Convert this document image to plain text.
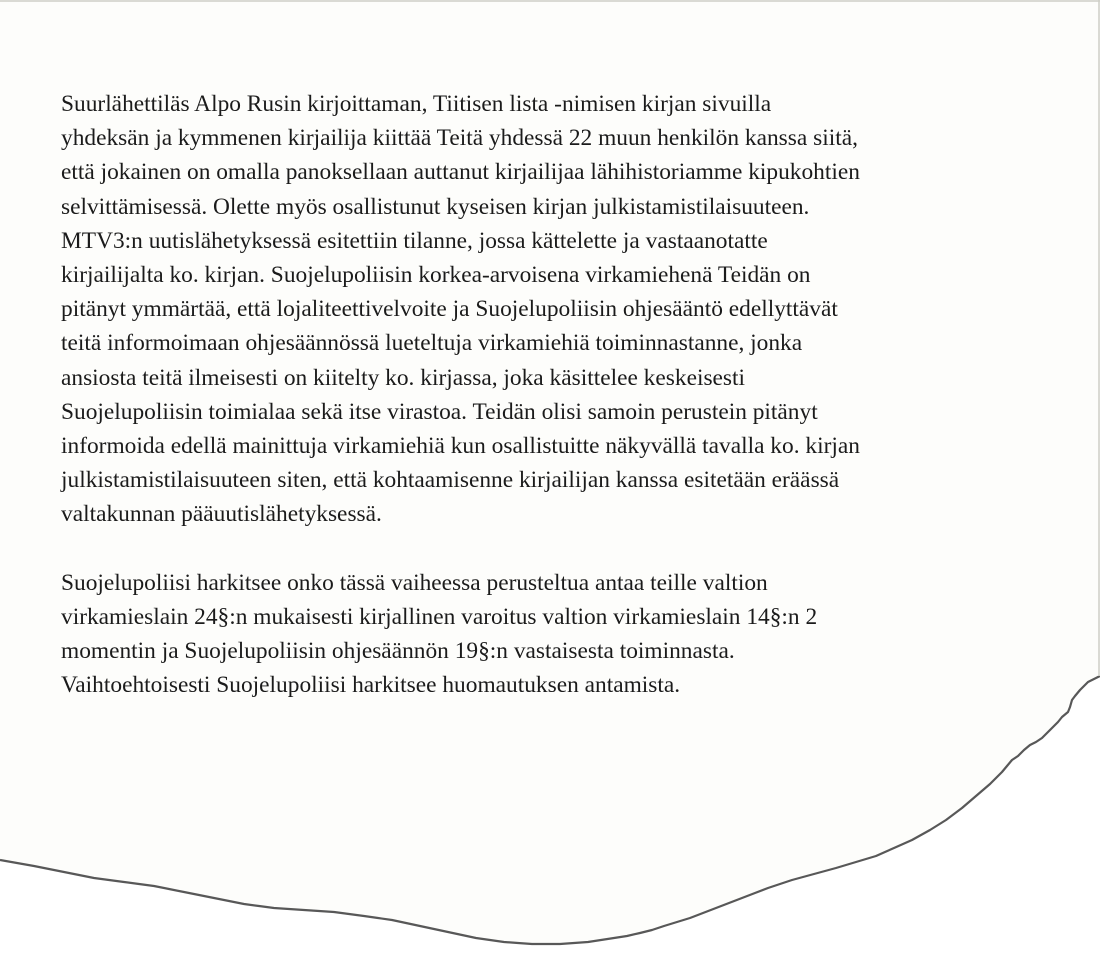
Suurlähettiläs Alpo Rusin kirjoittaman, Tiitisen lista -nimisen kirjan sivuilla
yhdeksän ja kymmenen kirjailija kiittää Teitä yhdessä 22 muun henkilön kanssa siitä,
että jokainen on omalla panoksellaan auttanut kirjailijaa lähihistoriamme kipukohtien
selvittämisessä. Olette myös osallistunut kyseisen kirjan julkistamistilaisuuteen.
MTV3:n uutislähetyksessä esitettiin tilanne, jossa kättelette ja vastaanotatte
kirjailijalta ko. kirjan. Suojelupoliisin korkea-arvoisena virkamiehenä Teidän on
pitänyt ymmärtää, että lojaliteettivelvoite ja Suojelupoliisin ohjesääntö edellyttävät
teitä informoimaan ohjesäännössä lueteltuja virkamiehiä toiminnastanne, jonka
ansiosta teitä ilmeisesti on kiitelty ko. kirjassa, joka käsittelee keskeisesti
Suojelupoliisin toimialaa sekä itse virastoa. Teidän olisi samoin perustein pitänyt
informoida edellä mainittuja virkamiehiä kun osallistuitte näkyvällä tavalla ko. kirjan
julkistamistilaisuuteen siten, että kohtaamisenne kirjailijan kanssa esitetään eräässä
valtakunnan pääuutislähetyksessä.

Suojelupoliisi harkitsee onko tässä vaiheessa perusteltua antaa teille valtion
virkamieslain 24§:n mukaisesti kirjallinen varoitus valtion virkamieslain 14§:n 2
momentin ja Suojelupoliisin ohjesäännön 19§:n vastaisesta toiminnasta.
Vaihtoehtoisesti Suojelupoliisi harkitsee huomautuksen antamista.
